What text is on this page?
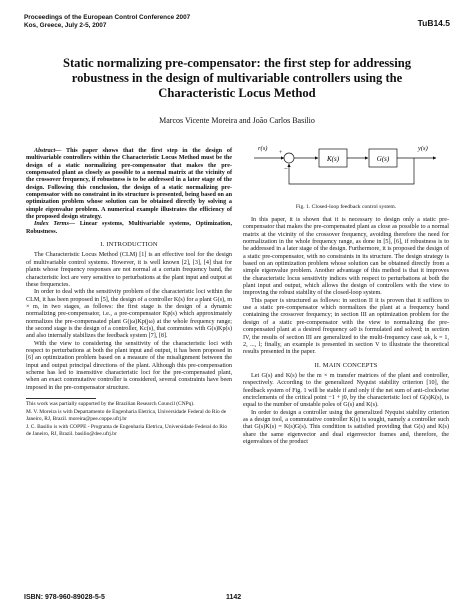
Proceedings of the European Control Conference 2007
Kos, Greece, July 2-5, 2007	TuB14.5
Static normalizing pre-compensator: the first step for addressing
robustness in the design of multivariable controllers using the
Characteristic Locus Method
Marcos Vicente Moreira and João Carlos Basilio

Abstract— This paper shows that the first step in the design of multivariable controllers within the Characteristic Locus Method must be the design of a static normalizing pre-compensator that makes the pre-compensated plant as closely as possible to a normal matrix at the vicinity of the crossover frequency, if robustness is to be addressed in a later stage of the design. Following this conclusion, the design of a static normalizing pre-compensator with no constraint in its structure is presented, being based on an optimization problem whose solution can be obtained directly by solving a simple eigenvalue problem. A numerical example illustrates the efficiency of the proposed design strategy.

Index Terms— Linear systems, Multivariable systems, Optimization, Robustness.

I. INTRODUCTION

The Characteristic Locus Method (CLM) [1] is an effective tool for the design of multivariable control systems. However, it is well known [2], [3], [4] that for plants whose frequency responses are not normal at a certain frequency band, the characteristic loci are very sensitive to perturbations at the plant input and output at these frequencies.

In order to deal with the sensitivity problem of the characteristic loci within the CLM, it has been proposed in [5], the design of a controller K(s) for a plant G(s), m × m, in two stages, as follows: the first stage is the design of a dynamic normalizing pre-compensator, i.e., a pre-compensator Kp(s) which approximately normalizes the pre-compensated plant G(jω)Kp(jω) at the whole frequency range; the second stage is the design of a controller, Kc(s), that commutes with G(s)Kp(s) and also internally stabilizes the feedback system [7], [8].

With the view to considering the sensitivity of the characteristic loci with respect to perturbations at both the plant input and output, it has been proposed in [6] an optimization problem based on a measure of the misalignment between the input and output principal directions of the plant. Although this pre-compensation scheme has led to insensitive characteristic loci for the pre-compensated plant, when an exact commutative controller is considered, several constraints have been imposed in the pre-compensator structure.

This work was partially supported by the Brazilian Research Council (CNPq).
M. V. Moreira is with Departamento de Engenharia Eletrica, Universidade Federal do Rio de Janeiro, RJ, Brazil. moreira@pee.coppe.ufrj.br
J. C. Basilio is with COPPE - Programa de Engenharia Eletrica, Universidade Federal do Rio de Janeiro, RJ, Brazil. basilio@dee.ufrj.br
r(s)
+
−
K(s)	G(s)
y(s)
Fig. 1. Closed-loop feedback control system.

In this paper, it is shown that it is necessary to design only a static pre-compensator that makes the pre-compensated plant as close as possible to a normal matrix at the vicinity of the crossover frequency, avoiding therefore the need for normalization in the whole frequency range, as done in [5], [6], if robustness is to be addressed in a later stage of the design. Furthermore, it is proposed the design of a static pre-compensator, with no constraints in its structure. The design strategy is based on an optimization problem whose solution can be obtained directly from a simple eigenvalue problem. Another advantage of this method is that it improves the characteristic locus sensitivity indices with respect to perturbations at both the plant input and output, which allows the design of controllers with the view to improving the robust stability of the closed-loop system.

This paper is structured as follows: in section II it is proven that it suffices to use a static pre-compensator which normalizes the plant at a frequency band containing the crossover frequency; in section III an optimization problem for the design of a static pre-compensator with the view to normalizing the pre-compensated plant at a desired frequency ω0 is formulated and solved; in section IV, the results of section III are generalized to the multi-frequency case ωk, k = 1, 2, ..., l; finally, an example is presented in section V to illustrate the theoretical results presented in the paper.

II. MAIN CONCEPTS

Let G(s) and K(s) be the m × m transfer matrices of the plant and controller, respectively. According to the generalized Nyquist stability criterion [10], the feedback system of Fig. 1 will be stable if and only if the net sum of anti-clockwise encirclements of the critical point −1 + j0, by the characteristic loci of G(s)K(s), is equal to the number of unstable poles of G(s) and K(s).

In order to design a controller using the generalized Nyquist stability criterion as a design tool, a commutative controller K(s) is sought, namely a controller such that G(s)K(s) = K(s)G(s). This condition is satisfied providing that G(s) and K(s) share the same eigenvector and dual eigenvector frames and, therefore, the eigenvalues of the product

ISBN: 978-960-89028-5-5	1142
